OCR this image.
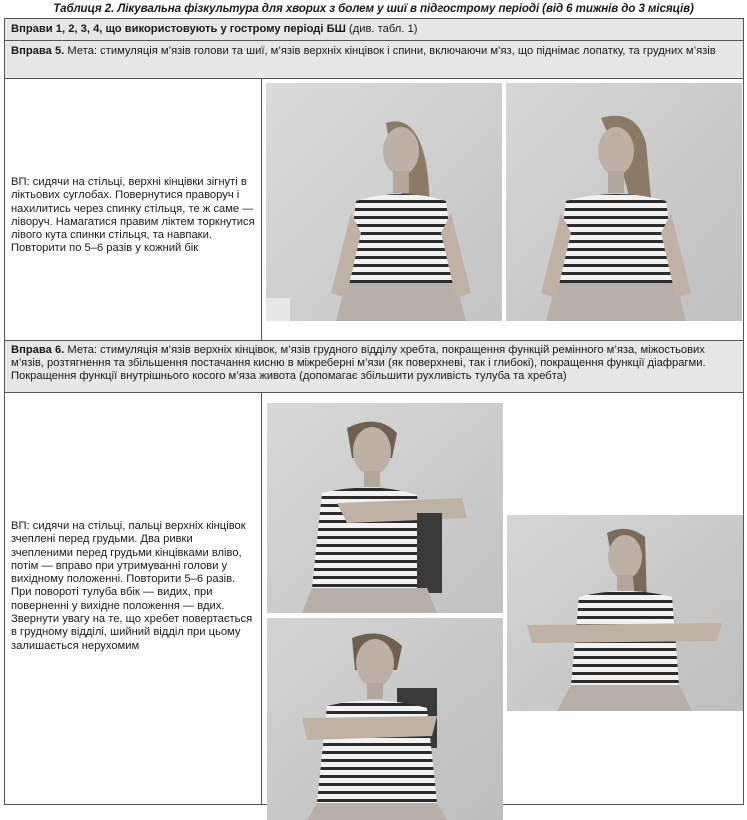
Таблиця 2. Лікувальна фізкультура для хворих з болем у шиї в підгострому періоді (від 6 тижнів до 3 місяців)
Вправи 1, 2, 3, 4, що використовують у гострому періоді БШ (див. табл. 1)
Вправа 5. Мета: стимуляція м’язів голови та шиї, м’язів верхніх кінцівок і спини, включаючи м’яз, що піднімає лопатку, та грудних м’язів
ВП: сидячи на стільці, верхні кінцівки зігнуті в ліктьових суглобах. Повернутися праворуч і нахилитись через спинку стільця, те ж саме — ліворуч. Намагатися правим ліктем торкнутися лівого кута спинки стільця, та навпаки. Повторити по 5–6 разів у кожний бік
Вправа 6. Мета: стимуляція м’язів верхніх кінцівок, м’язів грудного відділу хребта, покращення функцій ремінного м’яза, міжостьових м’язів, розтягнення та збільшення постачання кисню в міжреберні м’язи (як поверхневі, так і глибокі), покращення функції діафрагми. Покращення функції внутрішнього косого м’яза живота (допомагає збільшити рухливість тулуба та хребта)
ВП: сидячи на стільці, пальці верхніх кінцівок зчеплені перед грудьми. Два ривки зчепленими перед грудьми кінцівками вліво, потім — вправо при утримуванні голови у вихідному положенні. Повторити 5–6 разів. При повороті тулуба вбік — видих, при поверненні у вихідне положення — вдих. Звернути увагу на те, що хребет повертається в грудному відділі, шийний відділ при цьому залишається нерухомим
